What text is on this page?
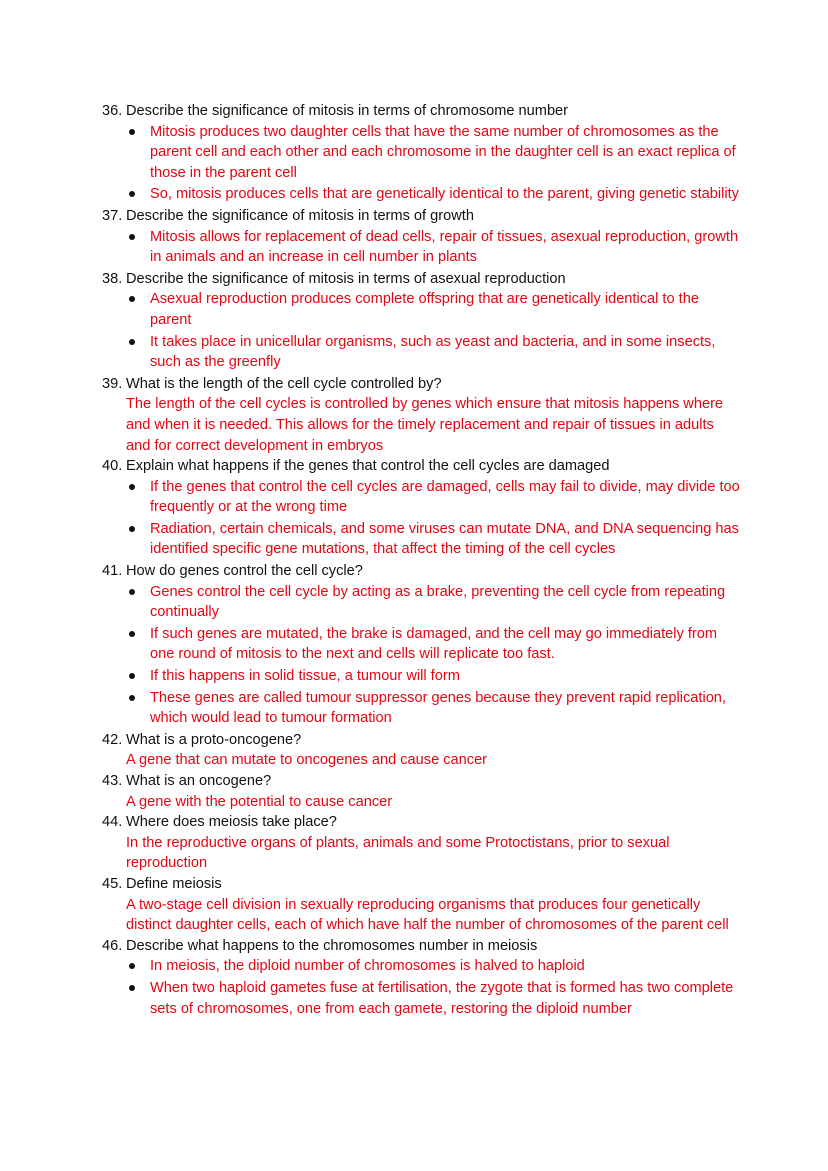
36. Describe the significance of mitosis in terms of chromosome number
Mitosis produces two daughter cells that have the same number of chromosomes as the parent cell and each other and each chromosome in the daughter cell is an exact replica of those in the parent cell
So, mitosis produces cells that are genetically identical to the parent, giving genetic stability
37. Describe the significance of mitosis in terms of growth
Mitosis allows for replacement of dead cells, repair of tissues, asexual reproduction, growth in animals and an increase in cell number in plants
38. Describe the significance of mitosis in terms of asexual reproduction
Asexual reproduction produces complete offspring that are genetically identical to the parent
It takes place in unicellular organisms, such as yeast and bacteria, and in some insects, such as the greenfly
39. What is the length of the cell cycle controlled by?
The length of the cell cycles is controlled by genes which ensure that mitosis happens where and when it is needed. This allows for the timely replacement and repair of tissues in adults and for correct development in embryos
40. Explain what happens if the genes that control the cell cycles are damaged
If the genes that control the cell cycles are damaged, cells may fail to divide, may divide too frequently or at the wrong time
Radiation, certain chemicals, and some viruses can mutate DNA, and DNA sequencing has identified specific gene mutations, that affect the timing of the cell cycles
41. How do genes control the cell cycle?
Genes control the cell cycle by acting as a brake, preventing the cell cycle from repeating continually
If such genes are mutated, the brake is damaged, and the cell may go immediately from one round of mitosis to the next and cells will replicate too fast.
If this happens in solid tissue, a tumour will form
These genes are called tumour suppressor genes because they prevent rapid replication, which would lead to tumour formation
42. What is a proto-oncogene?
A gene that can mutate to oncogenes and cause cancer
43. What is an oncogene?
A gene with the potential to cause cancer
44. Where does meiosis take place?
In the reproductive organs of plants, animals and some Protoctistans, prior to sexual reproduction
45. Define meiosis
A two-stage cell division in sexually reproducing organisms that produces four genetically distinct daughter cells, each of which have half the number of chromosomes of the parent cell
46. Describe what happens to the chromosomes number in meiosis
In meiosis, the diploid number of chromosomes is halved to haploid
When two haploid gametes fuse at fertilisation, the zygote that is formed has two complete sets of chromosomes, one from each gamete, restoring the diploid number
